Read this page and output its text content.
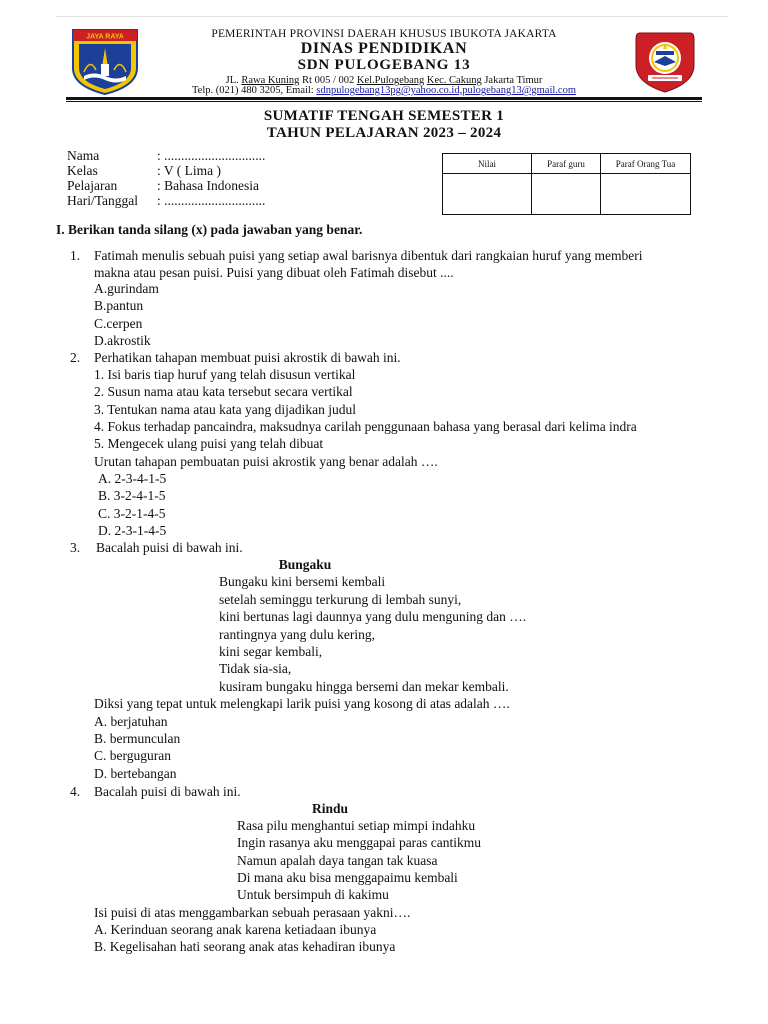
JAYA RAYA	PEMERINTAH PROVINSI DAERAH KHUSUS IBUKOTA JAKARTA
DINAS PENDIDIKAN
SDN PULOGEBANG 13
JL. Rawa Kuning Rt 005 / 002 Kel.Pulogebang Kec. Cakung Jakarta Timur
Telp. (021) 480 3205, Email: sdnpulogebang13pg@yahoo.co.id,pulogebang13@gmail.com
SUMATIF TENGAH SEMESTER 1
TAHUN PELAJARAN 2023 – 2024
Nama	: ..............................
Kelas	: V ( Lima )
Pelajaran	: Bahasa Indonesia
Hari/Tanggal : ..............................
Nilai	Paraf guru	Paraf Orang Tua

I. Berikan tanda silang (x) pada jawaban yang benar.
1. Fatimah menulis sebuah puisi yang setiap awal barisnya dibentuk dari rangkaian huruf yang memberi
makna atau pesan puisi. Puisi yang dibuat oleh Fatimah disebut ....
A.gurindam
B.pantun
C.cerpen
D.akrostik
2. Perhatikan tahapan membuat puisi akrostik di bawah ini.
1. Isi baris tiap huruf yang telah disusun vertikal
2. Susun nama atau kata tersebut secara vertikal
3. Tentukan nama atau kata yang dijadikan judul
4. Fokus terhadap pancaindra, maksudnya carilah penggunaan bahasa yang berasal dari kelima indra
5. Mengecek ulang puisi yang telah dibuat
Urutan tahapan pembuatan puisi akrostik yang benar adalah ….
A. 2-3-4-1-5
B. 3-2-4-1-5
C. 3-2-1-4-5
D. 2-3-1-4-5
3. Bacalah puisi di bawah ini.
Bungaku
Bungaku kini bersemi kembali
setelah seminggu terkurung di lembah sunyi,
kini bertunas lagi daunnya yang dulu menguning dan ….
rantingnya yang dulu kering,
kini segar kembali,
Tidak sia-sia,
kusiram bungaku hingga bersemi dan mekar kembali.
Diksi yang tepat untuk melengkapi larik puisi yang kosong di atas adalah ….
A. berjatuhan
B. bermunculan
C. berguguran
D. bertebangan
4. Bacalah puisi di bawah ini.
Rindu
Rasa pilu menghantui setiap mimpi indahku
Ingin rasanya aku menggapai paras cantikmu
Namun apalah daya tangan tak kuasa
Di mana aku bisa menggapaimu kembali
Untuk bersimpuh di kakimu
Isi puisi di atas menggambarkan sebuah perasaan yakni….
A. Kerinduan seorang anak karena ketiadaan ibunya
B. Kegelisahan hati seorang anak atas kehadiran ibunya
